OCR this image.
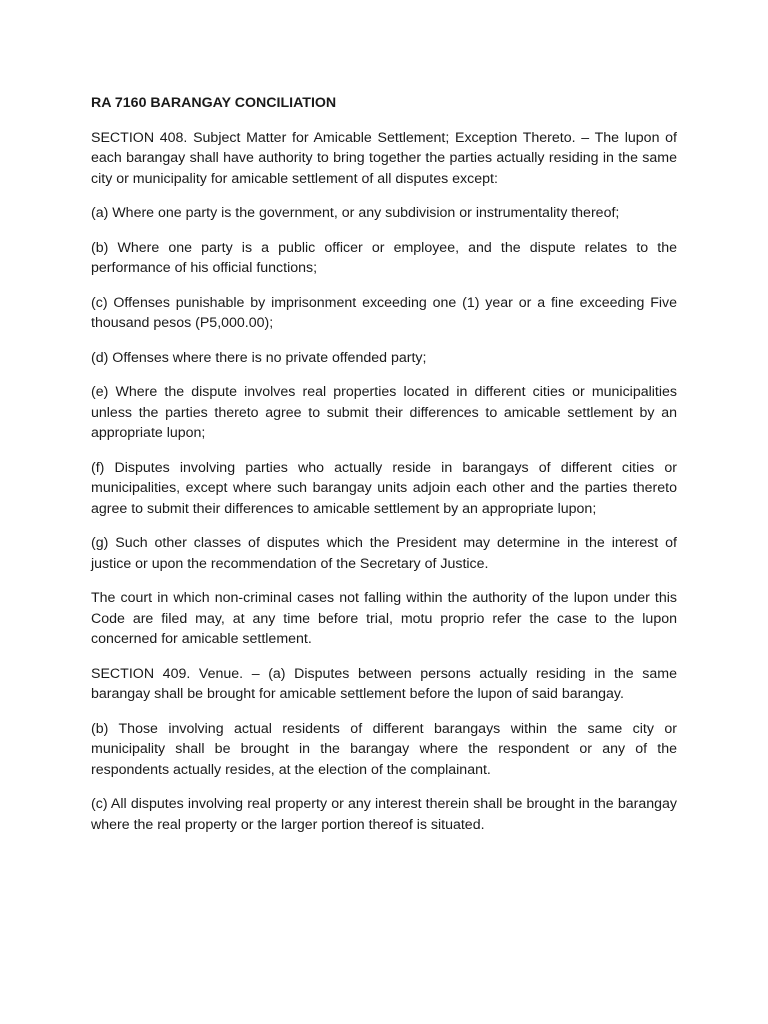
RA 7160 BARANGAY CONCILIATION

SECTION 408. Subject Matter for Amicable Settlement; Exception Thereto. – The lupon of each barangay shall have authority to bring together the parties actually residing in the same city or municipality for amicable settlement of all disputes except:

(a) Where one party is the government, or any subdivision or instrumentality thereof;

(b) Where one party is a public officer or employee, and the dispute relates to the performance of his official functions;

(c) Offenses punishable by imprisonment exceeding one (1) year or a fine exceeding Five thousand pesos (P5,000.00);

(d) Offenses where there is no private offended party;

(e) Where the dispute involves real properties located in different cities or municipalities unless the parties thereto agree to submit their differences to amicable settlement by an appropriate lupon;

(f) Disputes involving parties who actually reside in barangays of different cities or municipalities, except where such barangay units adjoin each other and the parties thereto agree to submit their differences to amicable settlement by an appropriate lupon;

(g) Such other classes of disputes which the President may determine in the interest of justice or upon the recommendation of the Secretary of Justice.

The court in which non-criminal cases not falling within the authority of the lupon under this Code are filed may, at any time before trial, motu proprio refer the case to the lupon concerned for amicable settlement.

SECTION 409. Venue. – (a) Disputes between persons actually residing in the same barangay shall be brought for amicable settlement before the lupon of said barangay.

(b) Those involving actual residents of different barangays within the same city or municipality shall be brought in the barangay where the respondent or any of the respondents actually resides, at the election of the complainant.

(c) All disputes involving real property or any interest therein shall be brought in the barangay where the real property or the larger portion thereof is situated.
